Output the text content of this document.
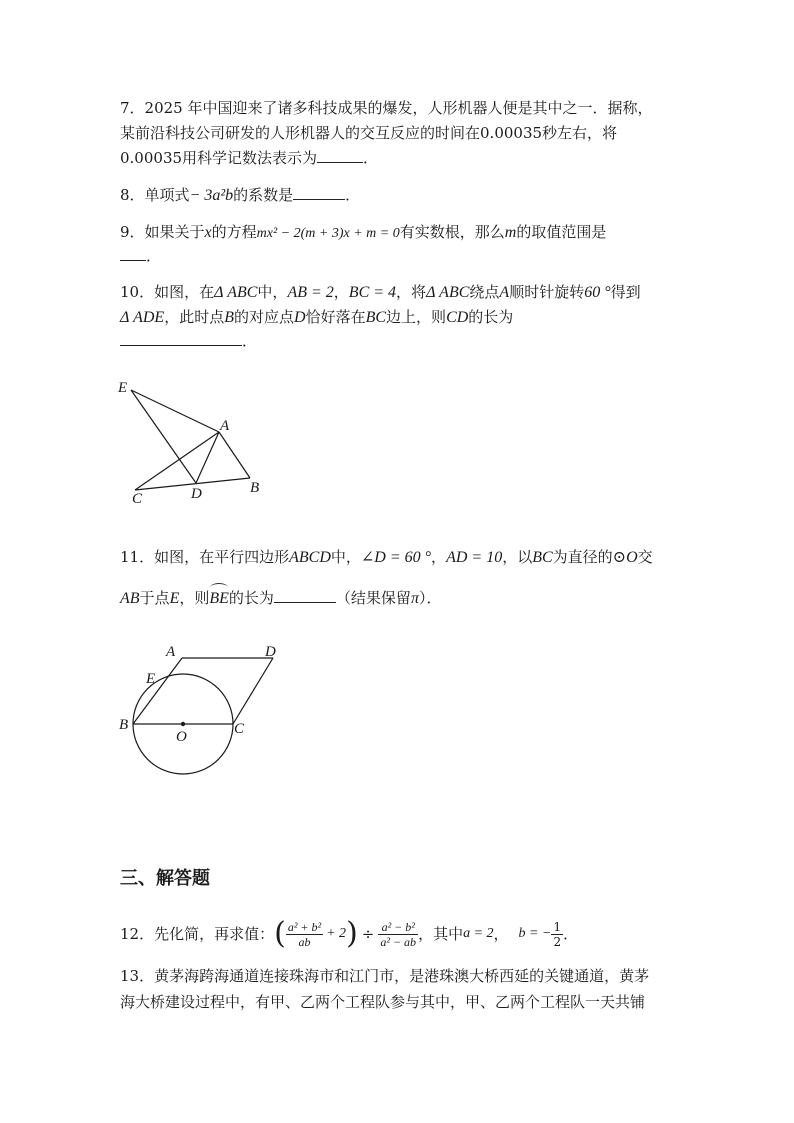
7．2025 年中国迎来了诸多科技成果的爆发，人形机器人便是其中之一．据称，
某前沿科技公司研发的人形机器人的交互反应的时间在0.00035秒左右，将
0.00035用科学记数法表示为	．
8．单项式− 3a²b的系数是	．
9．如果关于x的方程mx² − 2(m + 3)x + m = 0有实数根，那么m的取值范围是
．
10．如图，在Δ ABC中，AB = 2，BC = 4，将Δ ABC绕点A顺时针旋转60 °得到
Δ ADE，此时点B的对应点D恰好落在BC边上，则CD的长为
．
E
A
C	D	B
11．如图，在平行四边形ABCD中，∠D = 60 °，AD = 10，以BC为直径的⊙O交
AB于点E，则
BE的长为	（结果保留π）．
A	D
E
B
O	C
三、解答题
12．先化简，再求值：( $\frac{\text{a² + b²}}{ab} + 2) \div \frac{\text{a² − b²}}{\text{a² − ab}}$ ，其中a = 2， b = − $\frac{1}{2}$ ．
13．黄茅海跨海通道连接珠海市和江门市，是港珠澳大桥西延的关键通道，黄茅
海大桥建设过程中，有甲、乙两个工程队参与其中，甲、乙两个工程队一天共铺
